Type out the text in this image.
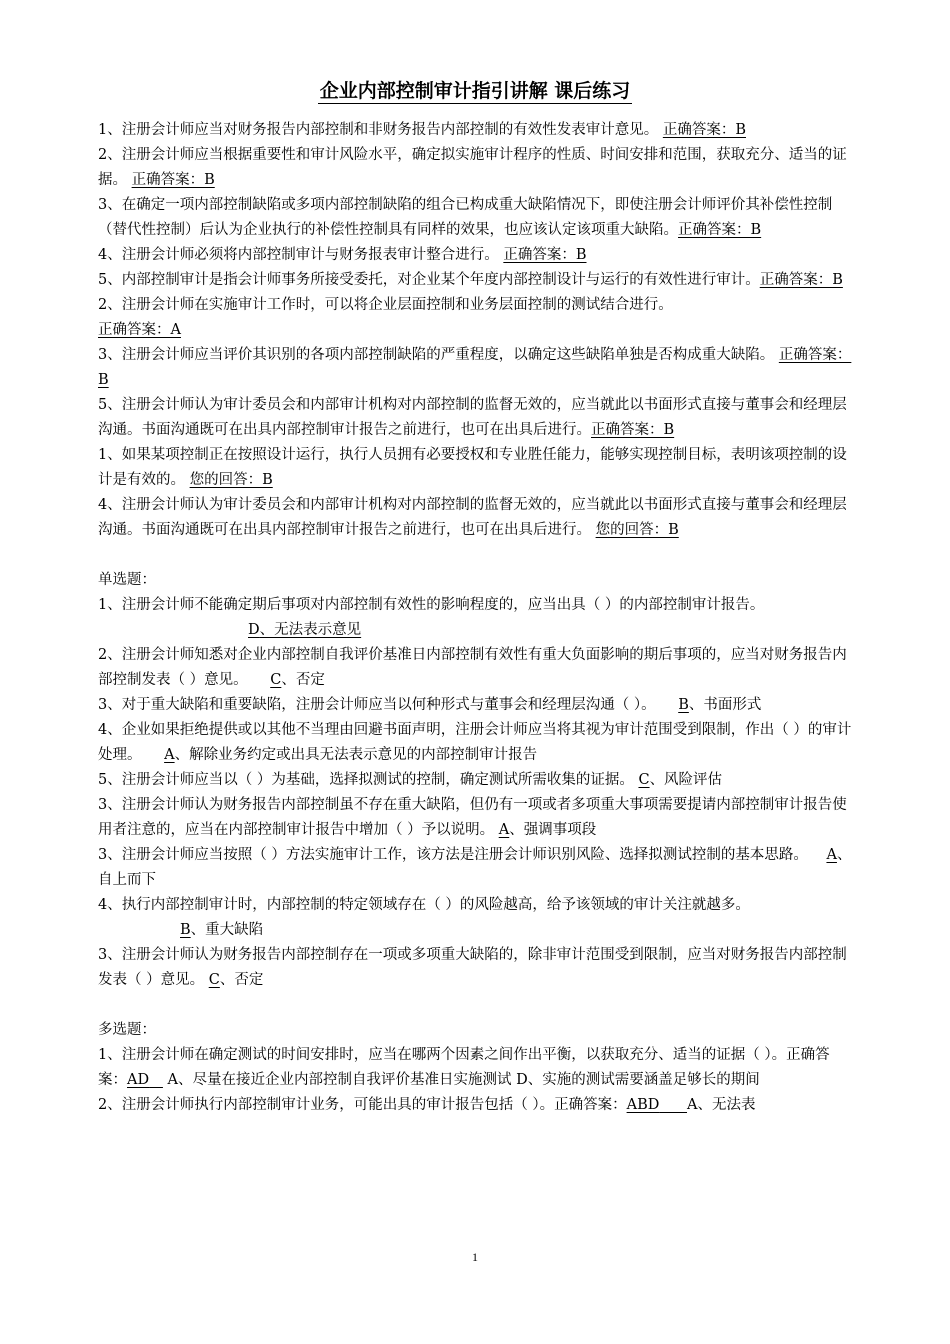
企业内部控制审计指引讲解 课后练习

1、注册会计师应当对财务报告内部控制和非财务报告内部控制的有效性发表审计意见。 正确答案：B

2、注册会计师应当根据重要性和审计风险水平，确定拟实施审计程序的性质、时间安排和范围，获取充分、适当的证据。 正确答案：B

3、在确定一项内部控制缺陷或多项内部控制缺陷的组合已构成重大缺陷情况下，即使注册会计师评价其补偿性控制（替代性控制）后认为企业执行的补偿性控制具有同样的效果，也应该认定该项重大缺陷。正确答案：B

4、注册会计师必须将内部控制审计与财务报表审计整合进行。 正确答案：B

5、内部控制审计是指会计师事务所接受委托，对企业某个年度内部控制设计与运行的有效性进行审计。正确答案：B

2、注册会计师在实施审计工作时，可以将企业层面控制和业务层面控制的测试结合进行。
正确答案：A

3、注册会计师应当评价其识别的各项内部控制缺陷的严重程度，以确定这些缺陷单独是否构成重大缺陷。 正确答案：B

5、注册会计师认为审计委员会和内部审计机构对内部控制的监督无效的，应当就此以书面形式直接与董事会和经理层沟通。书面沟通既可在出具内部控制审计报告之前进行，也可在出具后进行。正确答案：B

1、如果某项控制正在按照设计运行，执行人员拥有必要授权和专业胜任能力，能够实现控制目标，表明该项控制的设计是有效的。 您的回答：B

4、注册会计师认为审计委员会和内部审计机构对内部控制的监督无效的，应当就此以书面形式直接与董事会和经理层沟通。书面沟通既可在出具内部控制审计报告之前进行，也可在出具后进行。 您的回答：B

单选题：

1、注册会计师不能确定期后事项对内部控制有效性的影响程度的，应当出具（ ）的内部控制审计报告。
D、无法表示意见

2、注册会计师知悉对企业内部控制自我评价基准日内部控制有效性有重大负面影响的期后事项的，应当对财务报告内部控制发表（ ）意见。 C、否定

3、对于重大缺陷和重要缺陷，注册会计师应当以何种形式与董事会和经理层沟通（ ）。 B、书面形式

4、企业如果拒绝提供或以其他不当理由回避书面声明，注册会计师应当将其视为审计范围受到限制，作出（ ）的审计处理。 A、解除业务约定或出具无法表示意见的内部控制审计报告

5、注册会计师应当以（ ）为基础，选择拟测试的控制，确定测试所需收集的证据。 C、风险评估

3、注册会计师认为财务报告内部控制虽不存在重大缺陷，但仍有一项或者多项重大事项需要提请内部控制审计报告使用者注意的，应当在内部控制审计报告中增加（ ）予以说明。 A、强调事项段

3、注册会计师应当按照（ ）方法实施审计工作，该方法是注册会计师识别风险、选择拟测试控制的基本思路。 A、自上而下

4、执行内部控制审计时，内部控制的特定领域存在（ ）的风险越高，给予该领域的审计关注就越多。
B、重大缺陷

3、注册会计师认为财务报告内部控制存在一项或多项重大缺陷的，除非审计范围受到限制，应当对财务报告内部控制发表（ ）意见。 C、否定

多选题：

1、注册会计师在确定测试的时间安排时，应当在哪两个因素之间作出平衡，以获取充分、适当的证据（ ）。正确答案：AD A、尽量在接近企业内部控制自我评价基准日实施测试 D、实施的测试需要涵盖足够长的期间

2、注册会计师执行内部控制审计业务，可能出具的审计报告包括（ ）。正确答案：ABD A、无法表

1
